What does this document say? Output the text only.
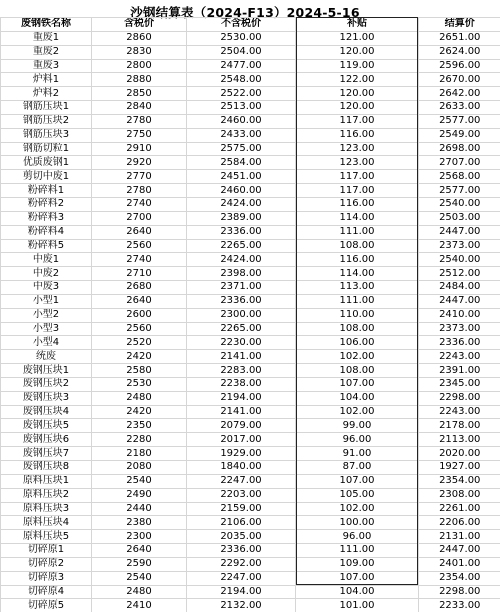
沙钢结算表（2024-F13）2024-5-16
废钢铁名称	含税价	不含税价	补贴	结算价
重废1	2860	2530.00	121.00	2651.00
重废2	2830	2504.00	120.00	2624.00
重废3	2800	2477.00	119.00	2596.00
炉料1	2880	2548.00	122.00	2670.00
炉料2	2850	2522.00	120.00	2642.00
钢筋压块1	2840	2513.00	120.00	2633.00
钢筋压块2	2780	2460.00	117.00	2577.00
钢筋压块3	2750	2433.00	116.00	2549.00
钢筋切粒1	2910	2575.00	123.00	2698.00
优质废钢1	2920	2584.00	123.00	2707.00
剪切中废1	2770	2451.00	117.00	2568.00
粉碎料1	2780	2460.00	117.00	2577.00
粉碎料2	2740	2424.00	116.00	2540.00
粉碎料3	2700	2389.00	114.00	2503.00
粉碎料4	2640	2336.00	111.00	2447.00
粉碎料5	2560	2265.00	108.00	2373.00
中废1	2740	2424.00	116.00	2540.00
中废2	2710	2398.00	114.00	2512.00
中废3	2680	2371.00	113.00	2484.00
小型1	2640	2336.00	111.00	2447.00
小型2	2600	2300.00	110.00	2410.00
小型3	2560	2265.00	108.00	2373.00
小型4	2520	2230.00	106.00	2336.00
统废	2420	2141.00	102.00	2243.00
废钢压块1	2580	2283.00	108.00	2391.00
废钢压块2	2530	2238.00	107.00	2345.00
废钢压块3	2480	2194.00	104.00	2298.00
废钢压块4	2420	2141.00	102.00	2243.00
废钢压块5	2350	2079.00	99.00	2178.00
废钢压块6	2280	2017.00	96.00	2113.00
废钢压块7	2180	1929.00	91.00	2020.00
废钢压块8	2080	1840.00	87.00	1927.00
原料压块1	2540	2247.00	107.00	2354.00
原料压块2	2490	2203.00	105.00	2308.00
原料压块3	2440	2159.00	102.00	2261.00
原料压块4	2380	2106.00	100.00	2206.00
原料压块5	2300	2035.00	96.00	2131.00
切碎原1	2640	2336.00	111.00	2447.00
切碎原2	2590	2292.00	109.00	2401.00
切碎原3	2540	2247.00	107.00	2354.00
切碎原4	2480	2194.00	104.00	2298.00
切碎原5	2410	2132.00	101.00	2233.00
